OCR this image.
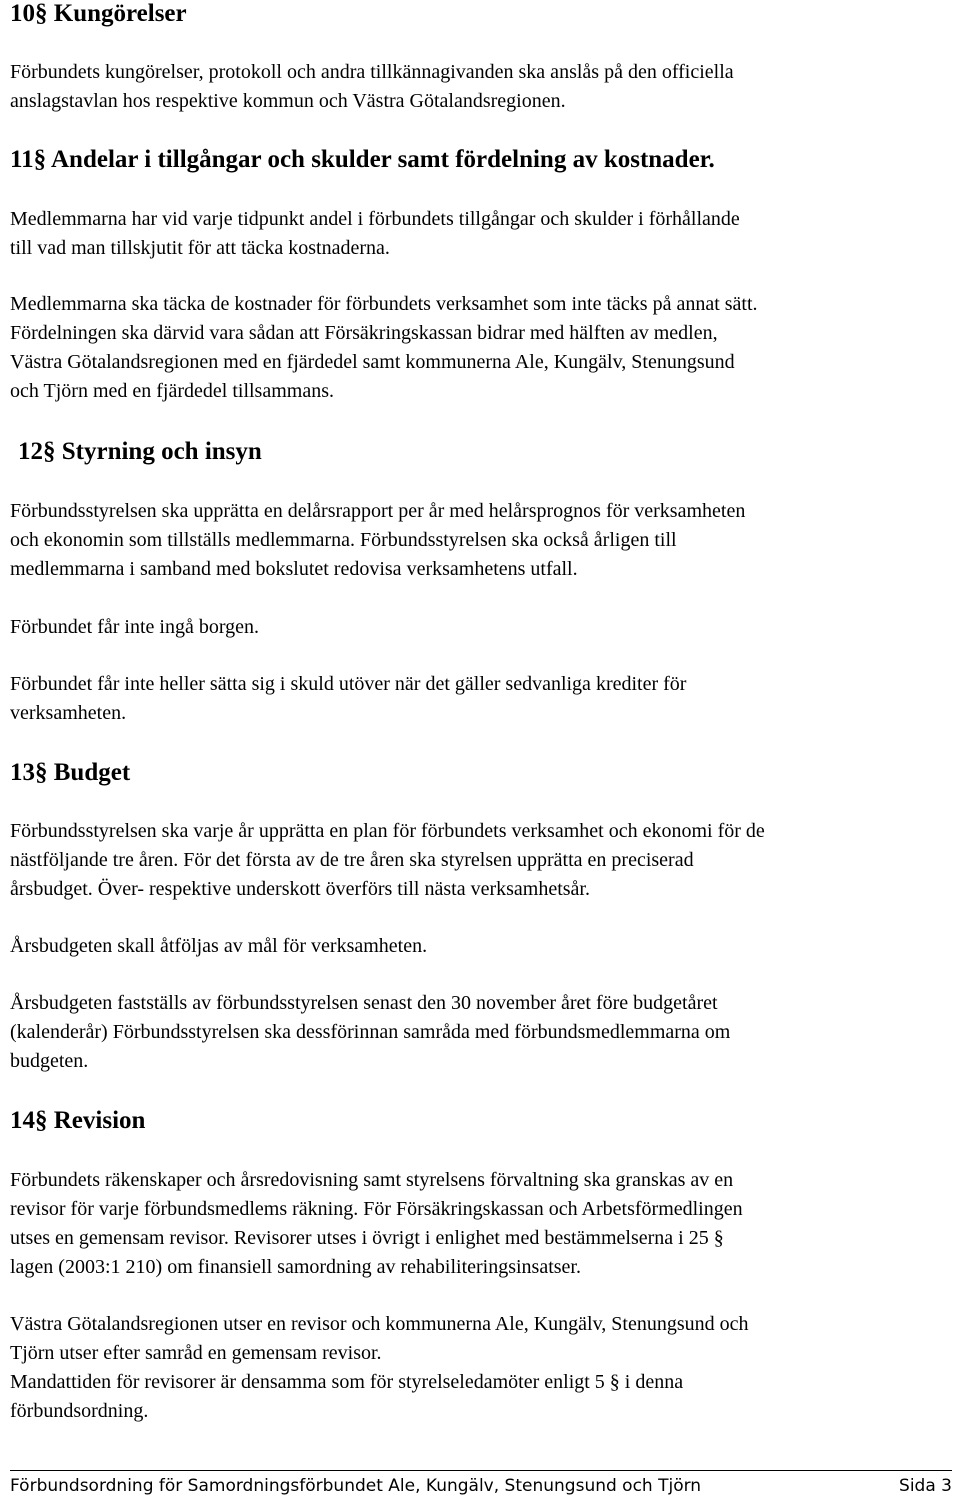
10§ Kungörelser
Förbundets kungörelser, protokoll och andra tillkännagivanden ska anslås på den officiella
anslagstavlan hos respektive kommun och Västra Götalandsregionen.
11§ Andelar i tillgångar och skulder samt fördelning av kostnader.
Medlemmarna har vid varje tidpunkt andel i förbundets tillgångar och skulder i förhållande
till vad man tillskjutit för att täcka kostnaderna.
Medlemmarna ska täcka de kostnader för förbundets verksamhet som inte täcks på annat sätt.
Fördelningen ska därvid vara sådan att Försäkringskassan bidrar med hälften av medlen,
Västra Götalandsregionen med en fjärdedel samt kommunerna Ale, Kungälv, Stenungsund
och Tjörn med en fjärdedel tillsammans.
12§ Styrning och insyn
Förbundsstyrelsen ska upprätta en delårsrapport per år med helårsprognos för verksamheten
och ekonomin som tillställs medlemmarna. Förbundsstyrelsen ska också årligen till
medlemmarna i samband med bokslutet redovisa verksamhetens utfall.
Förbundet får inte ingå borgen.
Förbundet får inte heller sätta sig i skuld utöver när det gäller sedvanliga krediter för
verksamheten.
13§ Budget
Förbundsstyrelsen ska varje år upprätta en plan för förbundets verksamhet och ekonomi för de
nästföljande tre åren. För det första av de tre åren ska styrelsen upprätta en preciserad
årsbudget. Över- respektive underskott överförs till nästa verksamhetsår.
Årsbudgeten skall åtföljas av mål för verksamheten.
Årsbudgeten fastställs av förbundsstyrelsen senast den 30 november året före budgetåret
(kalenderår) Förbundsstyrelsen ska dessförinnan samråda med förbundsmedlemmarna om
budgeten.
14§ Revision
Förbundets räkenskaper och årsredovisning samt styrelsens förvaltning ska granskas av en
revisor för varje förbundsmedlems räkning. För Försäkringskassan och Arbetsförmedlingen
utses en gemensam revisor. Revisorer utses i övrigt i enlighet med bestämmelserna i 25 §
lagen (2003:1 210) om finansiell samordning av rehabiliteringsinsatser.
Västra Götalandsregionen utser en revisor och kommunerna Ale, Kungälv, Stenungsund och
Tjörn utser efter samråd en gemensam revisor.
Mandattiden för revisorer är densamma som för styrelseledamöter enligt 5 § i denna
förbundsordning.
Förbundsordning för Samordningsförbundet Ale, Kungälv, Stenungsund och Tjörn	Sida 3
